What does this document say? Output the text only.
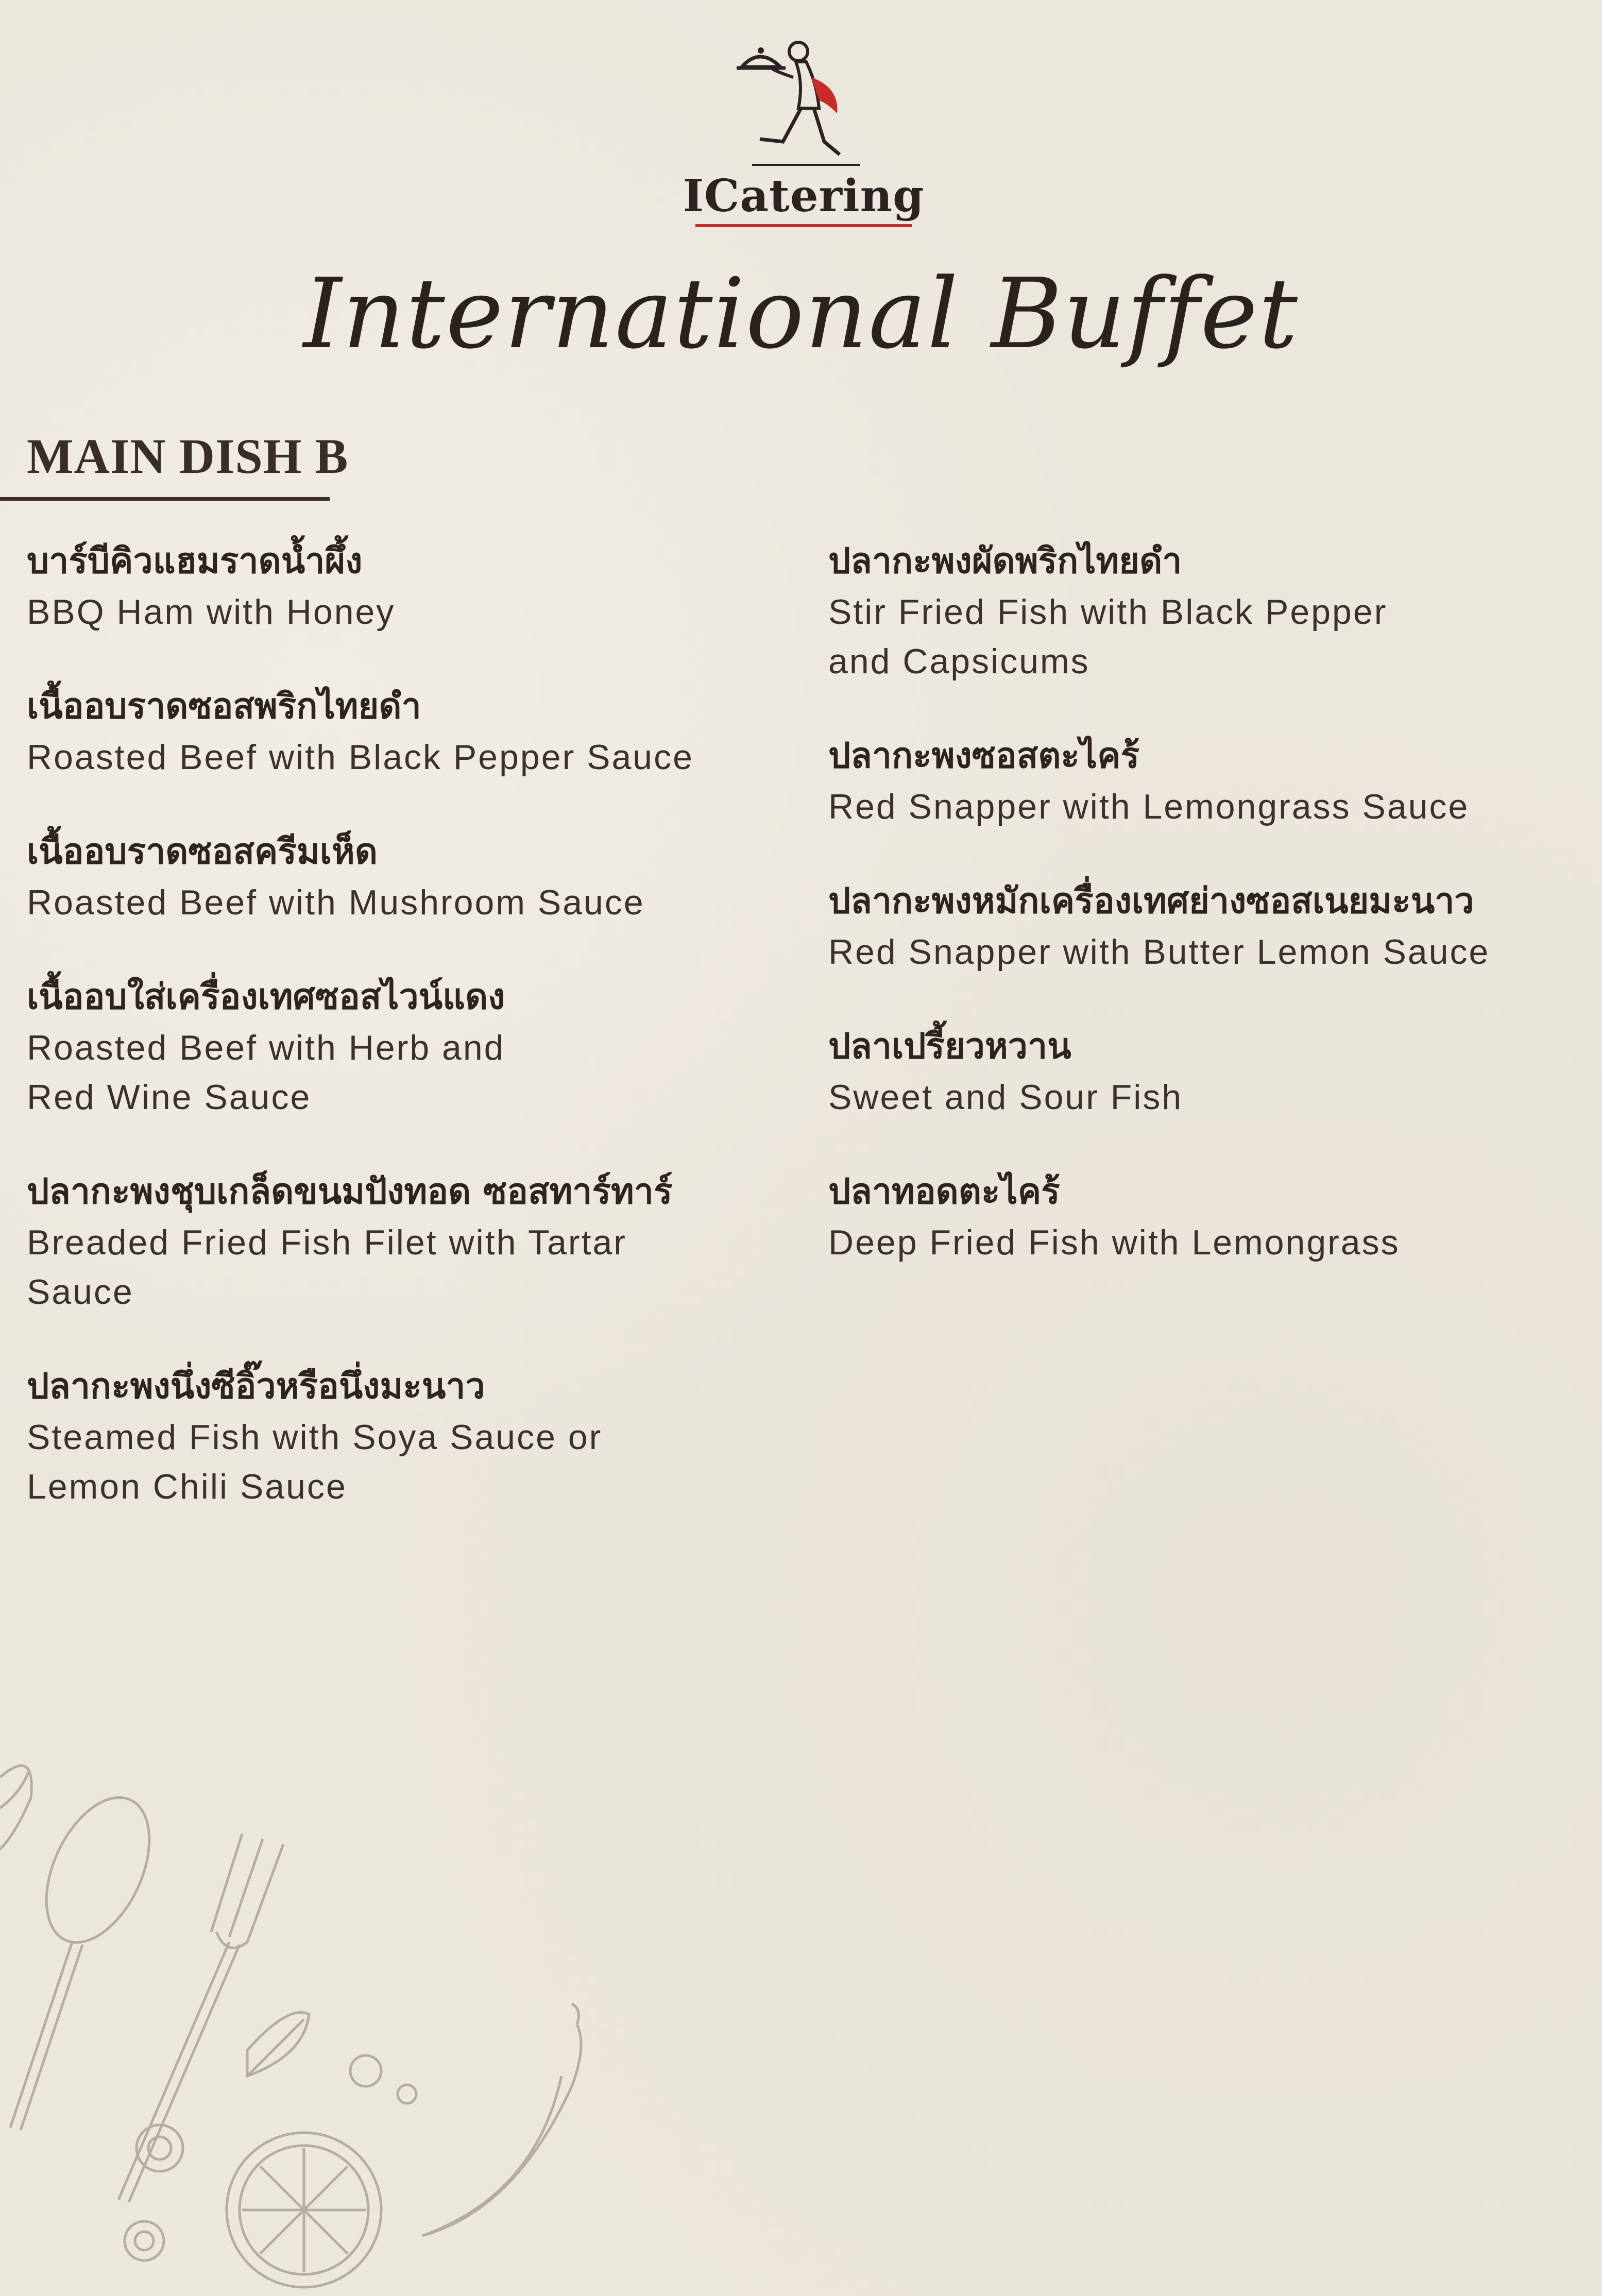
ICatering
International Buffet
MAIN DISH B
บาร์บีคิวแฮมราดน้ำผึ้ง
BBQ Ham with Honey
เนื้ออบราดซอสพริกไทยดำ
Roasted Beef with Black Pepper Sauce
เนื้ออบราดซอสครีมเห็ด
Roasted Beef with Mushroom Sauce
เนื้ออบใส่เครื่องเทศซอสไวน์แดง
Roasted Beef with Herb and
Red Wine Sauce
ปลากะพงชุบเกล็ดขนมปังทอด ซอสทาร์ทาร์
Breaded Fried Fish Filet with Tartar
Sauce
ปลากะพงนึ่งซีอิ๊วหรือนึ่งมะนาว
Steamed Fish with Soya Sauce or
Lemon Chili Sauce
ปลากะพงผัดพริกไทยดำ
Stir Fried Fish with Black Pepper
and Capsicums
ปลากะพงซอสตะไคร้
Red Snapper with Lemongrass Sauce
ปลากะพงหมักเครื่องเทศย่างซอสเนยมะนาว
Red Snapper with Butter Lemon Sauce
ปลาเปรี้ยวหวาน
Sweet and Sour Fish
ปลาทอดตะไคร้
Deep Fried Fish with Lemongrass
